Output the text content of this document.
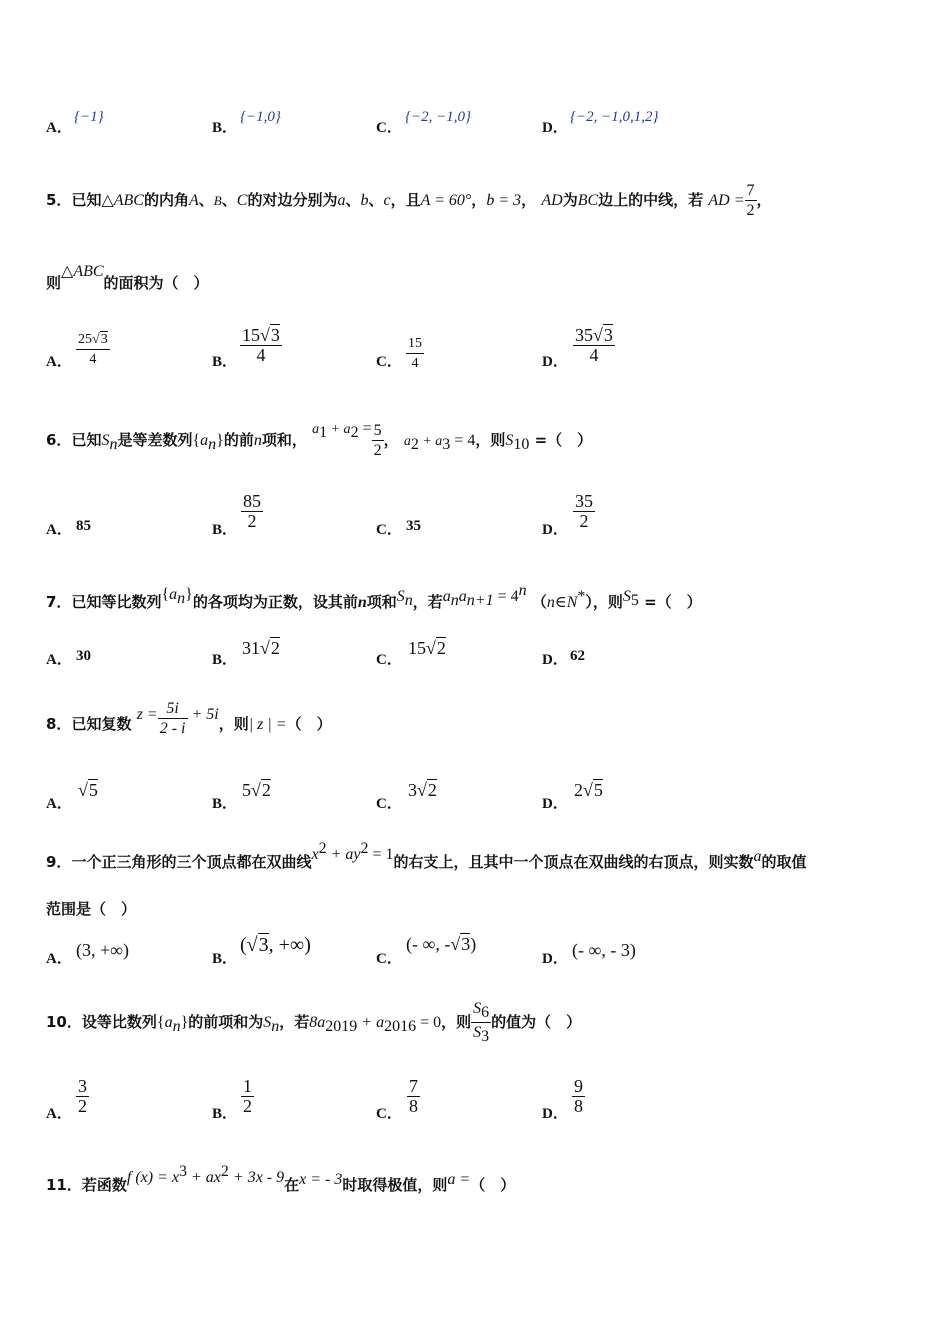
A．
{−1}
B．
{−1,0}
C．
{−2, −1,0}
D．
{−2, −1,0,1,2}
5．已知△ABC的内角A、B、C的对边分别为a、b、c，且A = 60°，b = 3， AD为BC边上的中线，若 AD = $\frac{7}{2}$ ，
则△ABC的面积为（　）
A． $\frac{25√3}{4}$	B． $\frac{15√3}{4}$	C． $\frac{15}{4}$	D． $\frac{35√3}{4}$
6．已知$S_n$是等差数列$\{a_n\}$的前n项和， $a_1 + a_2 = \frac{5}{2}$ ， $a_2 + a_3 = 4$，则$S_{10}$ =（　）
A． 85	B． $\frac{85}{2}$	C． 35	D． $\frac{35}{2}$
7．已知等比数列$\{a_n\}$的各项均为正数，设其前n项和$S_n$，若$a_na_{n+1} = 4^n$ （n∈N*），则$S_5$ =（　）
A． 30	B．
31√2
C．
15√2
D． 62
8．已知复数 $z = \frac{5i}{2 - i} + 5i$，则| z | =（　）
A．
√5
B．
5√2
C．
3√2
D．
2√5
9．一个正三角形的三个顶点都在双曲线$x^2 + ay^2 = 1$的右支上，且其中一个顶点在双曲线的右顶点，则实数a的取值
范围是（　）
A． (3, +∞)	B．
(√3, +∞)
C．
(- ∞, -√3)
D． (- ∞, - 3)
10．设等比数列$\{a_n\}$的前项和为$S_n$，若$8a_{2019} + a_{2016} = 0$，则 $\frac{S_6}{S_3}$ 的值为（　）
A． $\frac{3}{2}$	B． $\frac{1}{2}$	C． $\frac{7}{8}$	D． $\frac{9}{8}$
11．若函数f $(x) = x^3 + ax^2 + 3x - 9$在x = - 3时取得极值，则a =（　）
